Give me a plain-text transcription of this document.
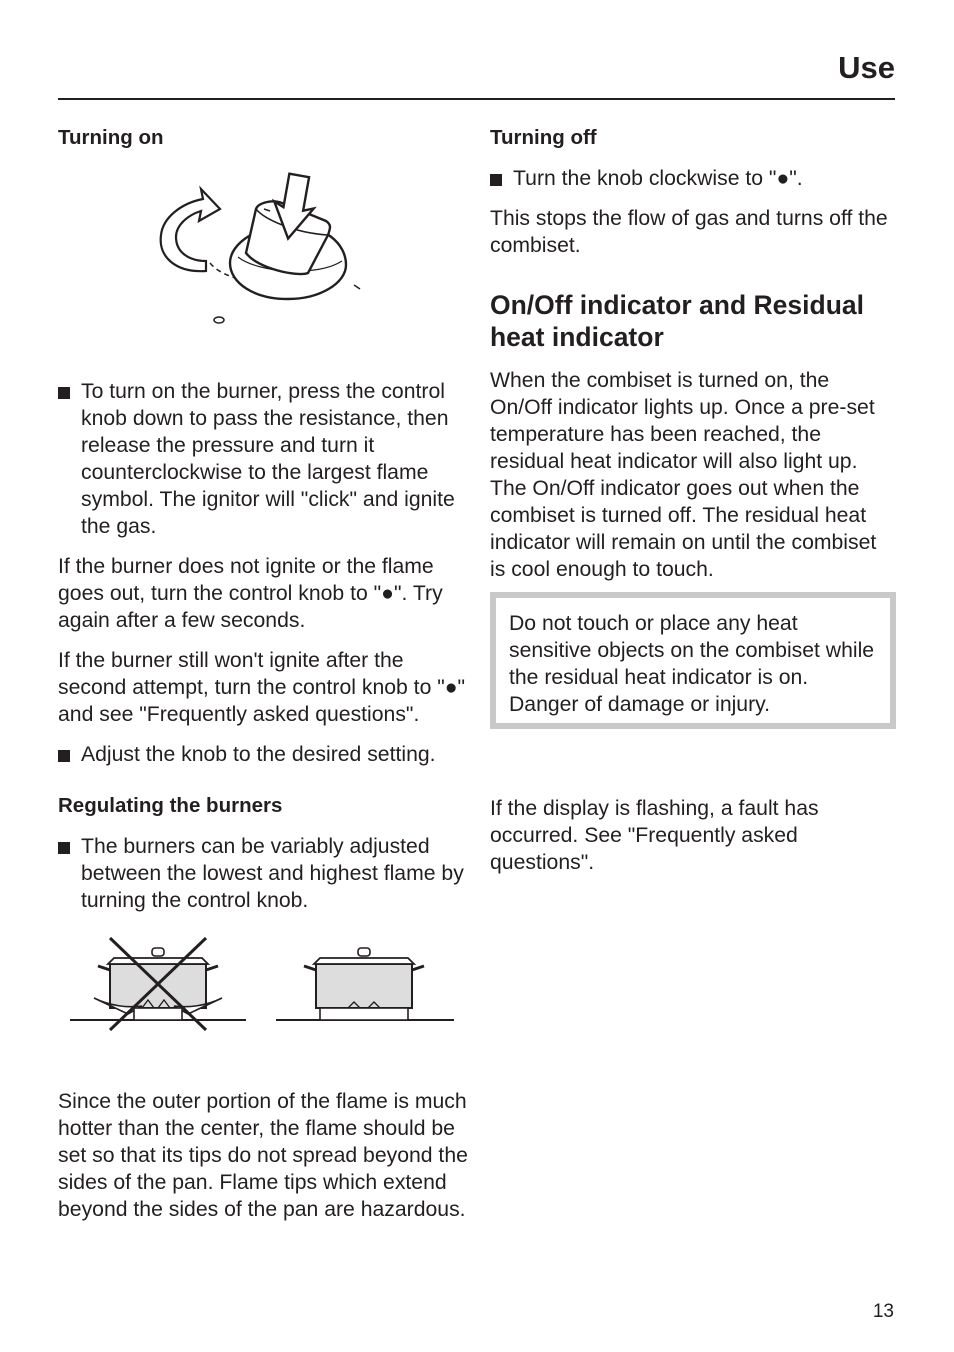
Use
Turning on
To turn on the burner, press the control knob down to pass the resistance, then release the pressure and turn it counterclockwise to the largest flame symbol. The ignitor will "click" and ignite the gas.
If the burner does not ignite or the flame goes out, turn the control knob to "●". Try again after a few seconds.
If the burner still won't ignite after the second attempt, turn the control knob to "●" and see "Frequently asked questions".
Adjust the knob to the desired setting.
Regulating the burners
The burners can be variably adjusted between the lowest and highest flame by turning the control knob.
Since the outer portion of the flame is much hotter than the center, the flame should be set so that its tips do not spread beyond the sides of the pan. Flame tips which extend beyond the sides of the pan are hazardous.
Turning off
Turn the knob clockwise to "●".
This stops the flow of gas and turns off the combiset.
On/Off indicator and Residual heat indicator
When the combiset is turned on, the On/Off indicator lights up. Once a pre-set temperature has been reached, the residual heat indicator will also light up. The On/Off indicator goes out when the combiset is turned off. The residual heat indicator will remain on until the combiset is cool enough to touch.
Do not touch or place any heat sensitive objects on the combiset while the residual heat indicator is on. Danger of damage or injury.
If the display is flashing, a fault has occurred. See "Frequently asked questions".
13
